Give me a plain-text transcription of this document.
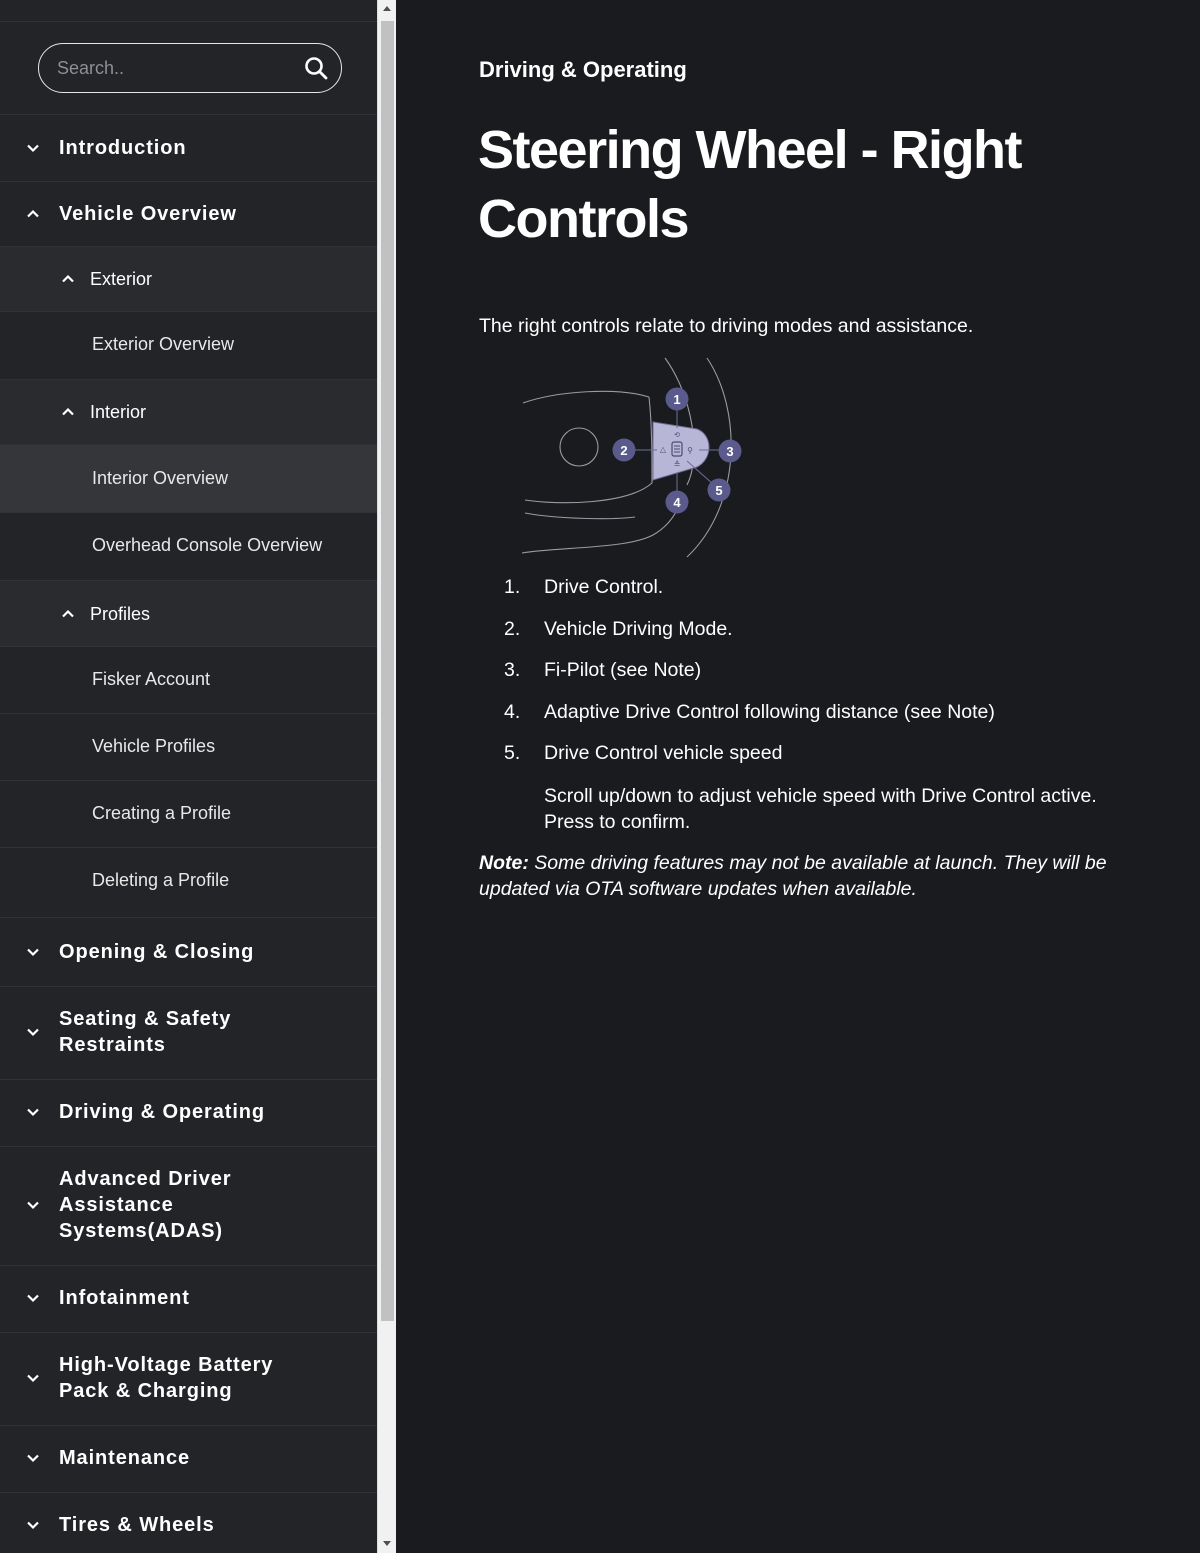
Search..
Introduction
Vehicle Overview
Exterior
Exterior Overview
Interior
Interior Overview
Overhead Console Overview
Profiles
Fisker Account
Vehicle Profiles
Creating a Profile
Deleting a Profile
Opening & Closing
Seating & Safety Restraints
Driving & Operating
Advanced Driver Assistance Systems(ADAS)
Infotainment
High-Voltage Battery Pack & Charging
Maintenance
Tires & Wheels
Driving & Operating
Steering Wheel - Right Controls

The right controls relate to driving modes and assistance.

⟲
△	⚲
≙
1
2	3
4
5
1.	Drive Control.
2.	Vehicle Driving Mode.
3.	Fi-Pilot (see Note)
4.	Adaptive Drive Control following distance (see Note)
5.	Drive Control vehicle speed

Scroll up/down to adjust vehicle speed with Drive Control active. Press to confirm.

Note: Some driving features may not be available at launch. They will be updated via OTA software updates when available.
